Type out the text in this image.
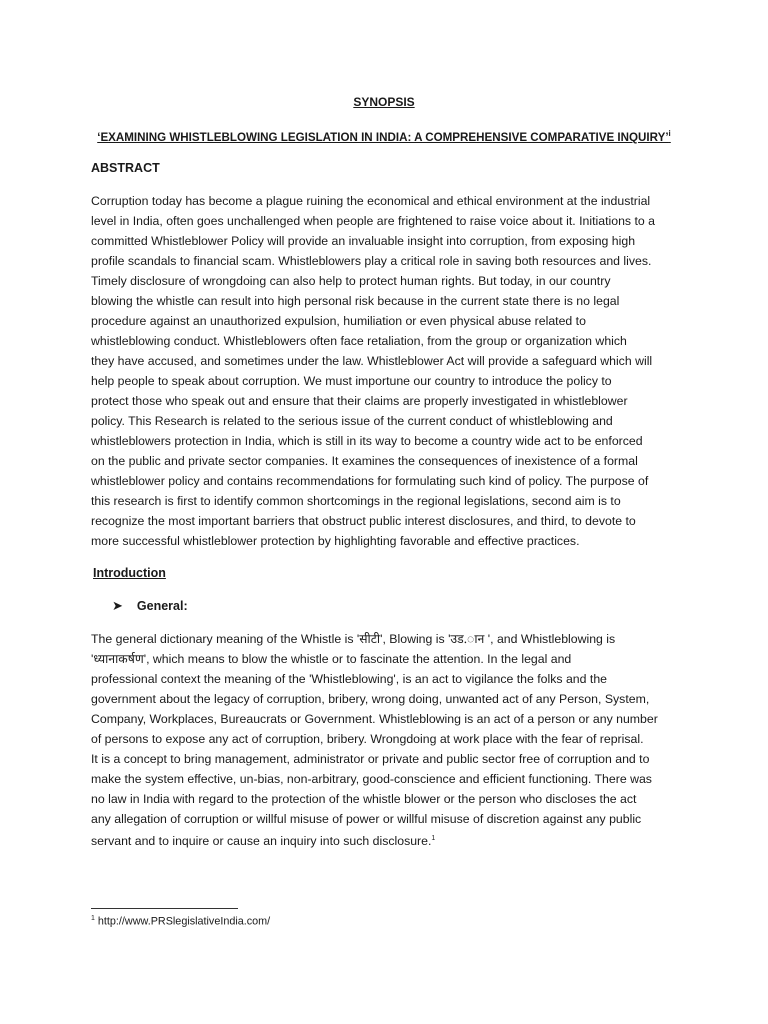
SYNOPSIS

‘EXAMINING WHISTLEBLOWING LEGISLATION IN INDIA: A COMPREHENSIVE COMPARATIVE INQUIRY’$^i$

ABSTRACT

Corruption today has become a plague ruining the economical and ethical environment at the industrial
level in India, often goes unchallenged when people are frightened to raise voice about it. Initiations to a
committed Whistleblower Policy will provide an invaluable insight into corruption, from exposing high
profile scandals to financial scam. Whistleblowers play a critical role in saving both resources and lives.
Timely disclosure of wrongdoing can also help to protect human rights. But today, in our country
blowing the whistle can result into high personal risk because in the current state there is no legal
procedure against an unauthorized expulsion, humiliation or even physical abuse related to
whistleblowing conduct. Whistleblowers often face retaliation, from the group or organization which
they have accused, and sometimes under the law. Whistleblower Act will provide a safeguard which will
help people to speak about corruption. We must importune our country to introduce the policy to
protect those who speak out and ensure that their claims are properly investigated in whistleblower
policy. This Research is related to the serious issue of the current conduct of whistleblowing and
whistleblowers protection in India, which is still in its way to become a country wide act to be enforced
on the public and private sector companies. It examines the consequences of inexistence of a formal
whistleblower policy and contains recommendations for formulating such kind of policy. The purpose of
this research is first to identify common shortcomings in the regional legislations, second aim is to
recognize the most important barriers that obstruct public interest disclosures, and third, to devote to
more successful whistleblower protection by highlighting favorable and effective practices.

Introduction

➤ General:
The general dictionary meaning of the Whistle is 'सीटी', Blowing is 'उड.ान ', and Whistleblowing is
'ध्यानाकर्षण', which means to blow the whistle or to fascinate the attention. In the legal and
professional context the meaning of the 'Whistleblowing', is an act to vigilance the folks and the
government about the legacy of corruption, bribery, wrong doing, unwanted act of any Person, System,
Company, Workplaces, Bureaucrats or Government. Whistleblowing is an act of a person or any number
of persons to expose any act of corruption, bribery. Wrongdoing at work place with the fear of reprisal.
It is a concept to bring management, administrator or private and public sector free of corruption and to
make the system effective, un-bias, non-arbitrary, good-conscience and efficient functioning. There was
no law in India with regard to the protection of the whistle blower or the person who discloses the act
any allegation of corruption or willful misuse of power or willful misuse of discretion against any public
servant and to inquire or cause an inquiry into such disclosure.$^1$
$^1$ http://www.PRSlegislativeIndia.com/
